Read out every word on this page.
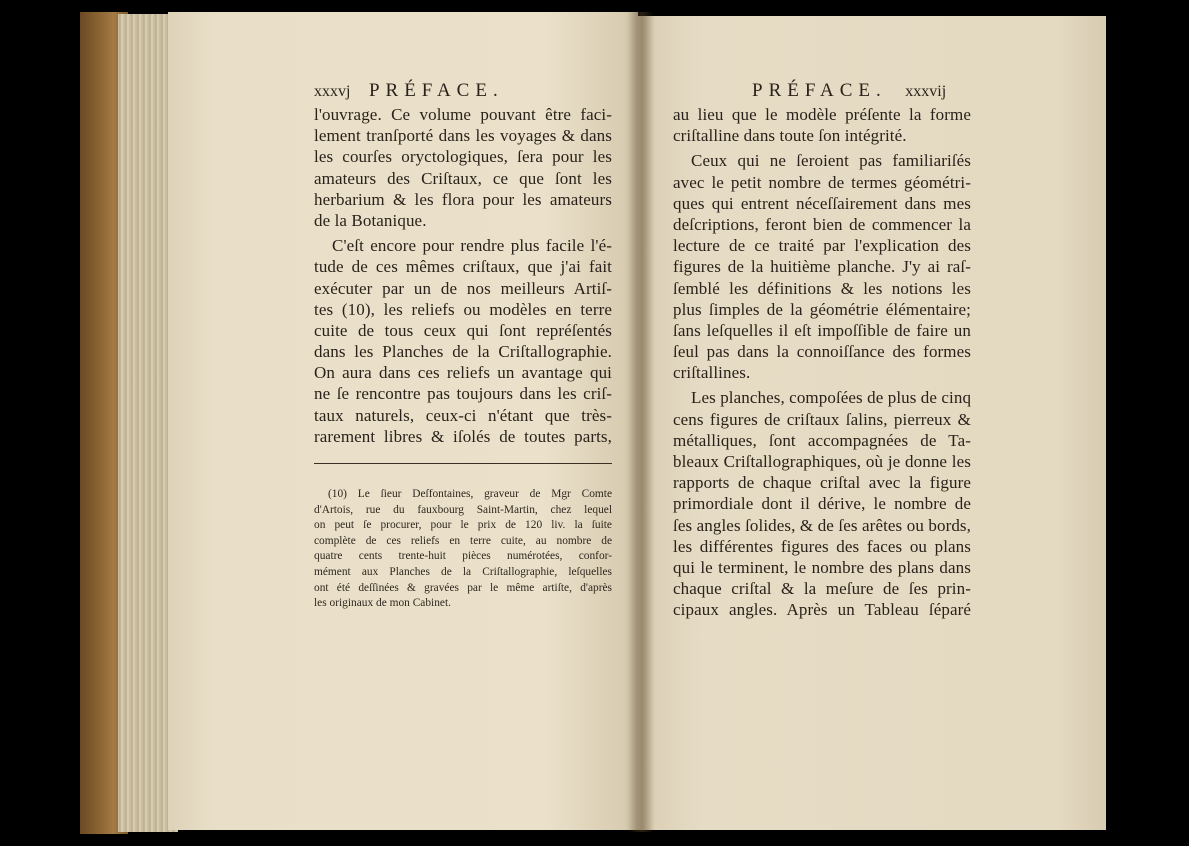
xxxvj PRÉFACE.
l'ouvrage. Ce volume pouvant être faci-
lement tranſporté dans les voyages & dans
les courſes oryctologiques, ſera pour les
amateurs des Criſtaux, ce que ſont les
herbarium & les flora pour les amateurs
de la Botanique.
C'eſt encore pour rendre plus facile l'é-
tude de ces mêmes criſtaux, que j'ai fait
exécuter par un de nos meilleurs Artiſ-
tes (10), les reliefs ou modèles en terre
cuite de tous ceux qui ſont repréſentés
dans les Planches de la Criſtallographie.
On aura dans ces reliefs un avantage qui
ne ſe rencontre pas toujours dans les criſ-
taux naturels, ceux-ci n'étant que très-
rarement libres & iſolés de toutes parts,
(10) Le ſieur Deſfontaines, graveur de Mgr Comte
d'Artois, rue du fauxbourg Saint-Martin, chez lequel
on peut ſe procurer, pour le prix de 120 liv. la ſuite
complète de ces reliefs en terre cuite, au nombre de
quatre cents trente-huit pièces numérotées, confor-
mément aux Planches de la Criſtallographie, leſquelles
ont été deſſinées & gravées par le même artiſte, d'après
les originaux de mon Cabinet.
PRÉFACE. xxxvij
au lieu que le modèle préſente la forme
criſtalline dans toute ſon intégrité.
Ceux qui ne ſeroient pas familiariſés
avec le petit nombre de termes géométri-
ques qui entrent néceſſairement dans mes
deſcriptions, feront bien de commencer la
lecture de ce traité par l'explication des
figures de la huitième planche. J'y ai raſ-
ſemblé les définitions & les notions les
plus ſimples de la géométrie élémentaire;
ſans leſquelles il eſt impoſſible de faire un
ſeul pas dans la connoiſſance des formes
criſtallines.
Les planches, compoſées de plus de cinq
cens figures de criſtaux ſalins, pierreux &
métalliques, ſont accompagnées de Ta-
bleaux Criſtallographiques, où je donne les
rapports de chaque criſtal avec la figure
primordiale dont il dérive, le nombre de
ſes angles ſolides, & de ſes arêtes ou bords,
les différentes figures des faces ou plans
qui le terminent, le nombre des plans dans
chaque criſtal & la meſure de ſes prin-
cipaux angles. Après un Tableau ſéparé
